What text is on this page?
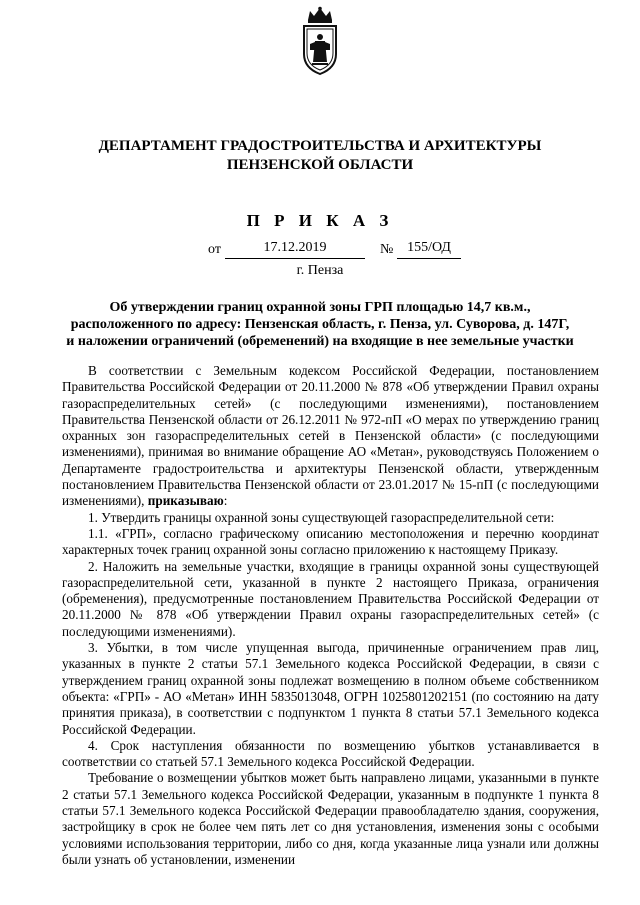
ДЕПАРТАМЕНТ ГРАДОСТРОИТЕЛЬСТВА И АРХИТЕКТУРЫ
ПЕНЗЕНСКОЙ ОБЛАСТИ
П Р И К А З
от	17.12.2019	№ 155/ОД
г. Пенза
Об утверждении границ охранной зоны ГРП площадью 14,7 кв.м.,
расположенного по адресу: Пензенская область, г. Пенза, ул. Суворова, д. 147Г,
и наложении ограничений (обременений) на входящие в нее земельные участки

В соответствии с Земельным кодексом Российской Федерации, постановлением Правительства Российской Федерации от 20.11.2000 № 878 «Об утверждении Правил охраны газораспределительных сетей» (с последующими изменениями), постановлением Правительства Пензенской области от 26.12.2011 № 972-пП «О мерах по утверждению границ охранных зон газораспределительных сетей в Пензенской области» (с последующими изменениями), принимая во внимание обращение АО «Метан», руководствуясь Положением о Департаменте градостроительства и архитектуры Пензенской области, утвержденным постановлением Правительства Пензенской области от 23.01.2017 № 15-пП (с последующими изменениями), приказываю:

1. Утвердить границы охранной зоны существующей газораспределительной сети:

1.1. «ГРП», согласно графическому описанию местоположения и перечню координат характерных точек границ охранной зоны согласно приложению к настоящему Приказу.

2. Наложить на земельные участки, входящие в границы охранной зоны существующей газораспределительной сети, указанной в пункте 2 настоящего Приказа, ограничения (обременения), предусмотренные постановлением Правительства Российской Федерации от 20.11.2000 № 878 «Об утверждении Правил охраны газораспределительных сетей» (с последующими изменениями).

3. Убытки, в том числе упущенная выгода, причиненные ограничением прав лиц, указанных в пункте 2 статьи 57.1 Земельного кодекса Российской Федерации, в связи с утверждением границ охранной зоны подлежат возмещению в полном объеме собственником объекта: «ГРП» - АО «Метан» ИНН 5835013048, ОГРН 1025801202151 (по состоянию на дату принятия приказа), в соответствии с подпунктом 1 пункта 8 статьи 57.1 Земельного кодекса Российской Федерации.

4. Срок наступления обязанности по возмещению убытков устанавливается в соответствии со статьей 57.1 Земельного кодекса Российской Федерации.

Требование о возмещении убытков может быть направлено лицами, указанными в пункте 2 статьи 57.1 Земельного кодекса Российской Федерации, указанным в подпункте 1 пункта 8 статьи 57.1 Земельного кодекса Российской Федерации правообладателю здания, сооружения, застройщику в срок не более чем пять лет со дня установления, изменения зоны с особыми условиями использования территории, либо со дня, когда указанные лица узнали или должны были узнать об установлении, изменении
